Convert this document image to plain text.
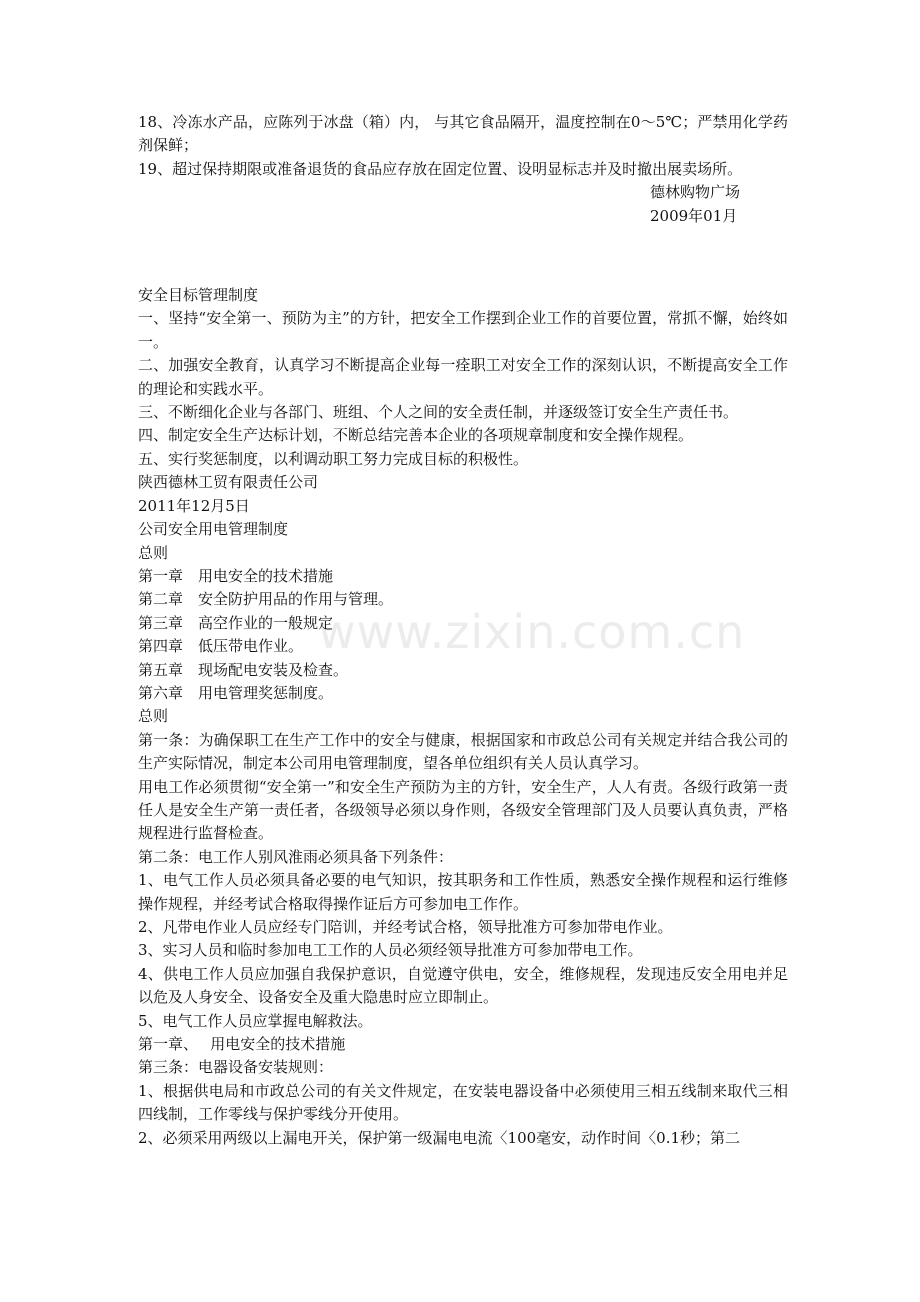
www.zixin.com.cn

18、冷冻水产品，应陈列于冰盘（箱）内， 与其它食品隔开，温度控制在0～5℃；严禁用化学药剂保鲜；

19、超过保持期限或准备退货的食品应存放在固定位置、设明显标志并及时撤出展卖场所。

德林购物广场

2009年01月

安全目标管理制度

一、坚持“安全第一、预防为主”的方针，把安全工作摆到企业工作的首要位置，常抓不懈，始终如一。

二、加强安全教育，认真学习不断提高企业每一痊职工对安全工作的深刻认识，不断提高安全工作的理论和实践水平。

三、不断细化企业与各部门、班组、个人之间的安全责任制，并逐级签订安全生产责任书。

四、制定安全生产达标计划，不断总结完善本企业的各项规章制度和安全操作规程。

五、实行奖惩制度，以利调动职工努力完成目标的积极性。

陕西德林工贸有限责任公司

2011年12月5日

公司安全用电管理制度

总则

第一章　用电安全的技术措施

第二章　安全防护用品的作用与管理。

第三章　高空作业的一般规定

第四章　低压带电作业。

第五章　现场配电安装及检查。

第六章　用电管理奖惩制度。

总则

第一条：为确保职工在生产工作中的安全与健康，根据国家和市政总公司有关规定并结合我公司的生产实际情况，制定本公司用电管理制度，望各单位组织有关人员认真学习。

用电工作必须贯彻“安全第一”和安全生产预防为主的方针，安全生产，人人有责。各级行政第一责任人是安全生产第一责任者，各级领导必须以身作则，各级安全管理部门及人员要认真负责，严格规程进行监督检查。

第二条：电工作人别风淮雨必须具备下列条件：

1、电气工作人员必须具备必要的电气知识，按其职务和工作性质，熟悉安全操作规程和运行维修操作规程，并经考试合格取得操作证后方可参加电工作作。

2、凡带电作业人员应经专门陪训，并经考试合格，领导批准方可参加带电作业。

3、实习人员和临时参加电工工作的人员必须经领导批准方可参加带电工作。

4、供电工作人员应加强自我保护意识，自觉遵守供电，安全，维修规程，发现违反安全用电并足以危及人身安全、设备安全及重大隐患时应立即制止。

5、电气工作人员应掌握电解救法。

第一章、　 用电安全的技术措施

第三条：电器设备安装规则：

1、根据供电局和市政总公司的有关文件规定，在安装电器设备中必须使用三相五线制来取代三相四线制，工作零线与保护零线分开使用。

2、必须采用两级以上漏电开关，保护第一级漏电电流〈100毫安，动作时间〈0.1秒；第二
